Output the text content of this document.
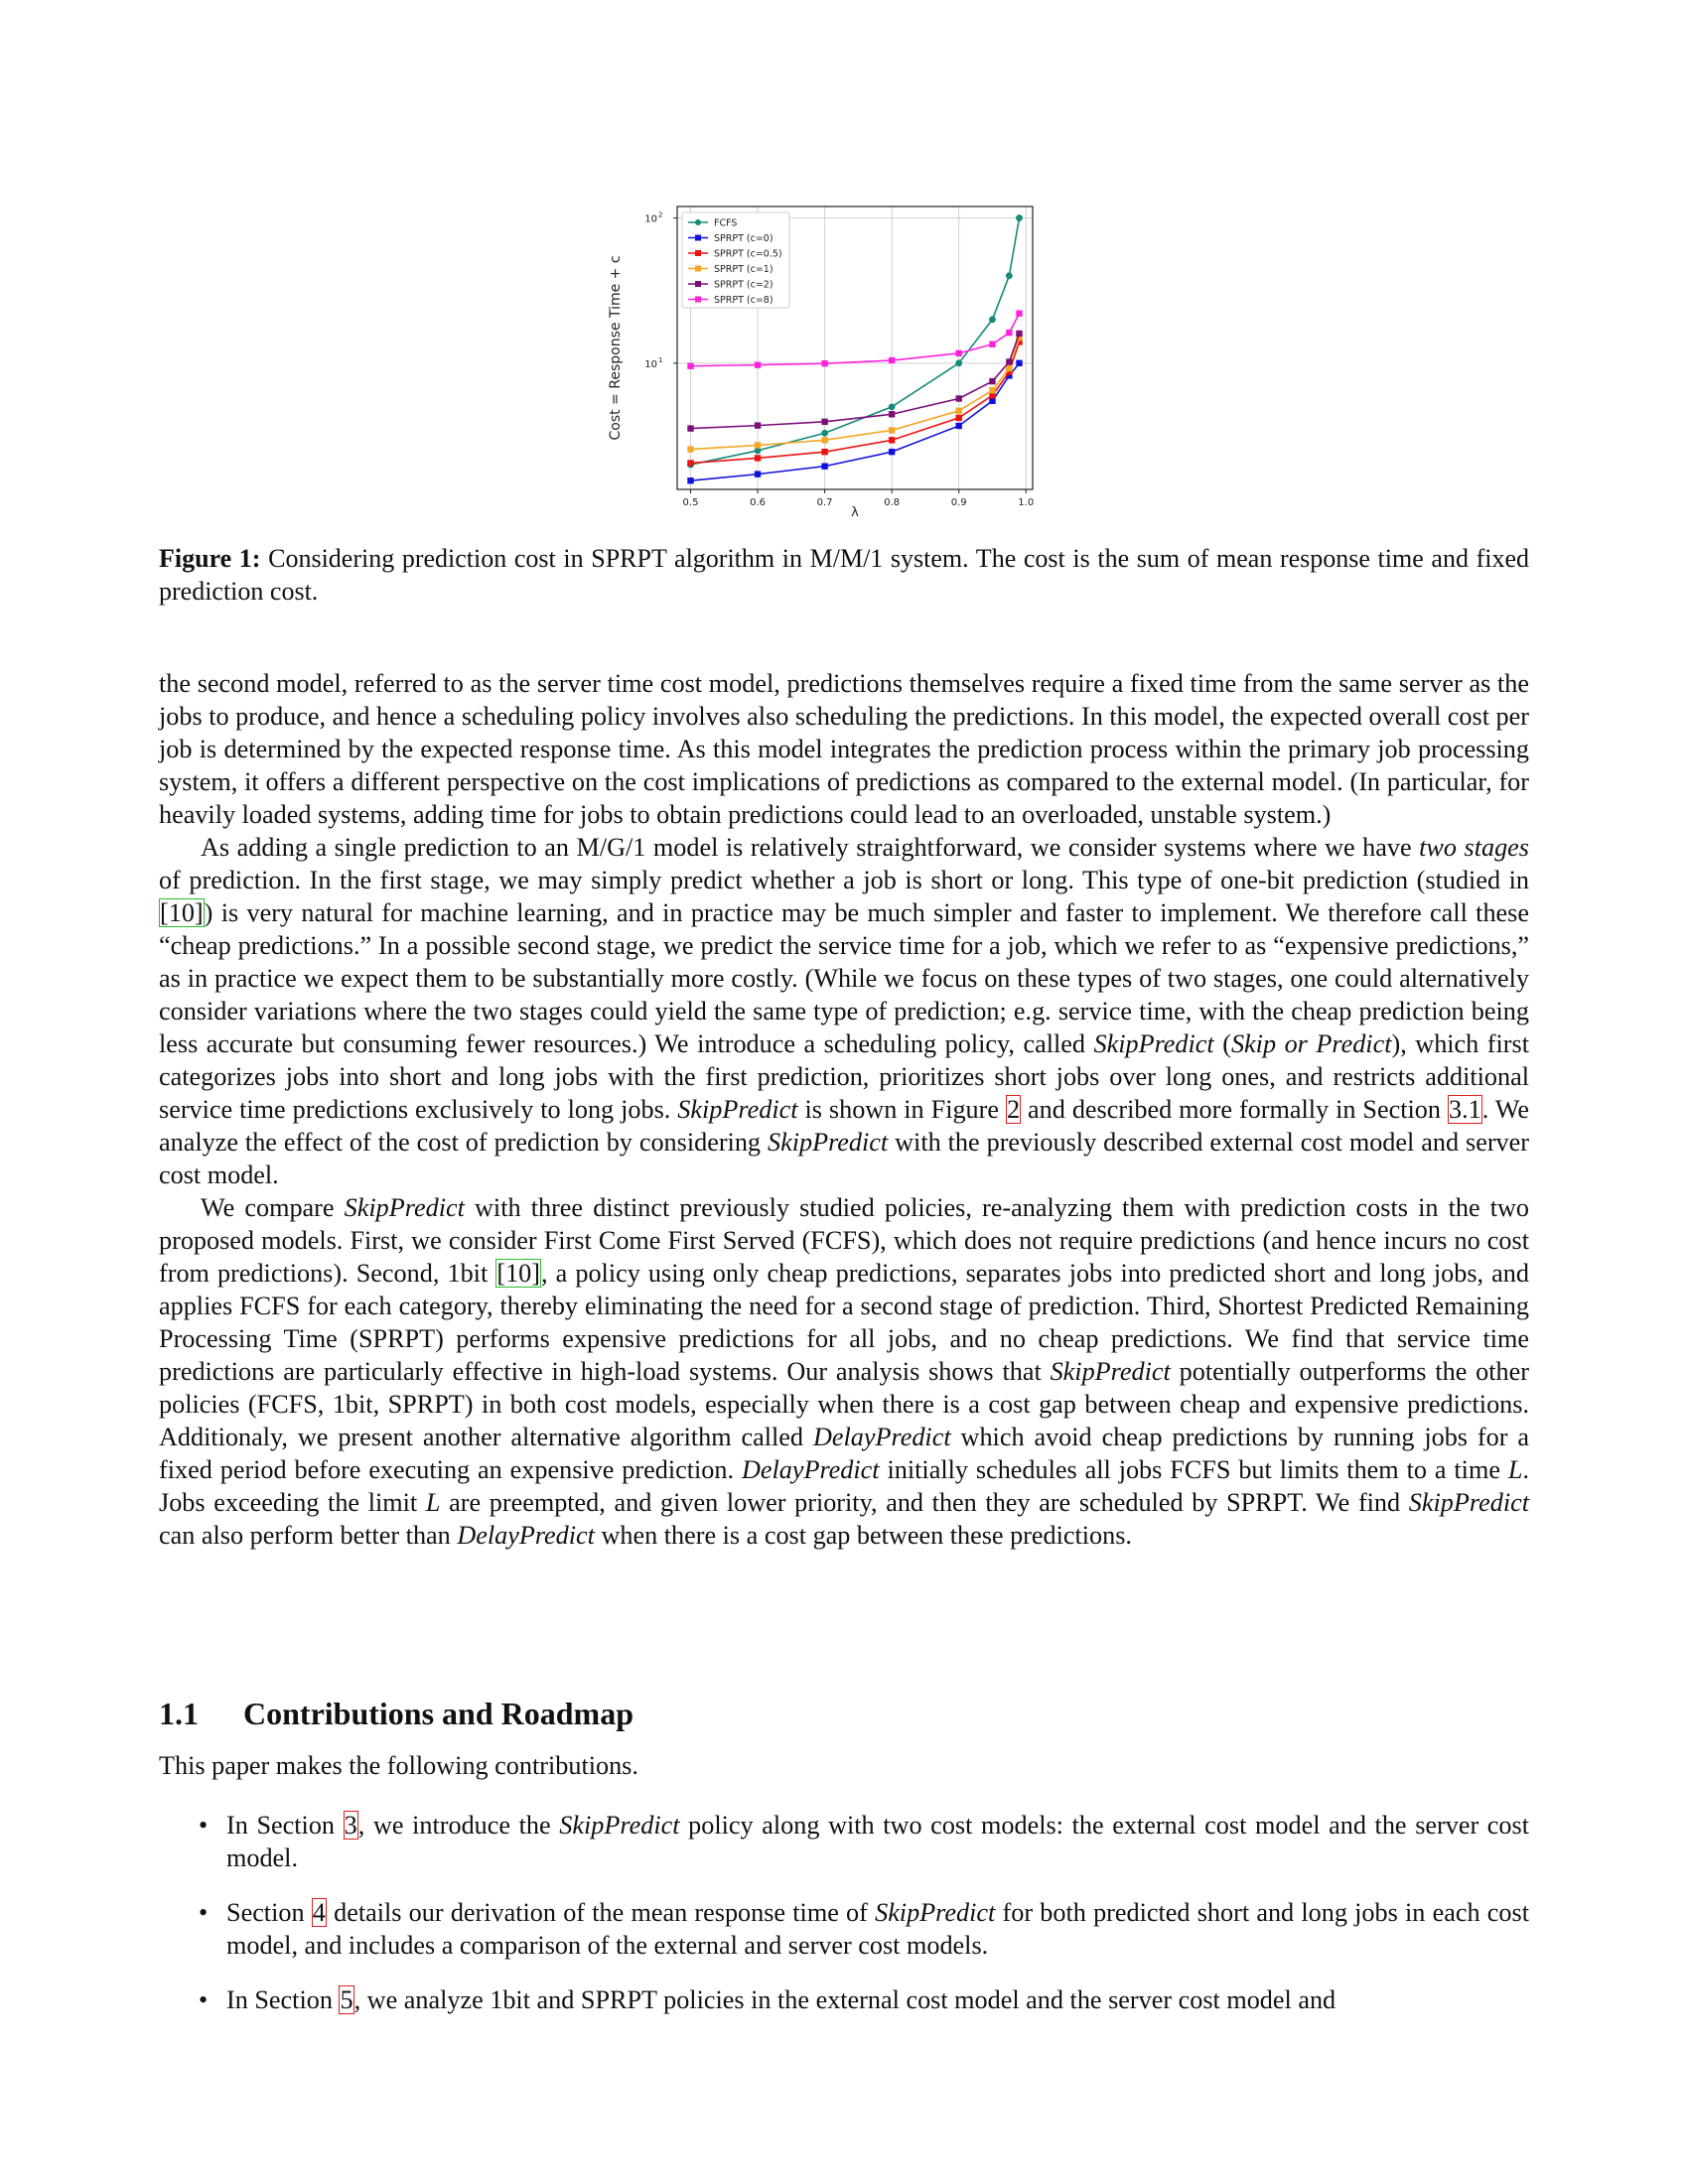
0.5	0.6	0.7	0.8	0.9	1.0
10 1
10 2
λ
Cost = Response Time + c
FCFS
SPRPT (c=0)
SPRPT (c=0.5)
SPRPT (c=1)
SPRPT (c=2)
SPRPT (c=8)
Figure 1: Considering prediction cost in SPRPT algorithm in M/M/1 system. The cost is the sum of mean response time and fixed prediction cost.

the second model, referred to as the server time cost model, predictions themselves require a fixed time from the same server as the jobs to produce, and hence a scheduling policy involves also scheduling the predictions. In this model, the expected overall cost per job is determined by the expected response time. As this model integrates the prediction process within the primary job processing system, it offers a different perspective on the cost implications of predictions as compared to the external model. (In particular, for heavily loaded systems, adding time for jobs to obtain predictions could lead to an overloaded, unstable system.)

As adding a single prediction to an M/G/1 model is relatively straightforward, we consider systems where we have two stages of prediction. In the first stage, we may simply predict whether a job is short or long. This type of one-bit prediction (studied in [10]) is very natural for machine learning, and in practice may be much simpler and faster to implement. We therefore call these “cheap predictions.” In a possible second stage, we predict the service time for a job, which we refer to as “expensive predictions,” as in practice we expect them to be substantially more costly. (While we focus on these types of two stages, one could alternatively consider variations where the two stages could yield the same type of prediction; e.g. service time, with the cheap prediction being less accurate but consuming fewer resources.) We introduce a scheduling policy, called SkipPredict (Skip or Predict), which first categorizes jobs into short and long jobs with the first prediction, prioritizes short jobs over long ones, and restricts additional service time predictions exclusively to long jobs. SkipPredict is shown in Figure 2 and described more formally in Section 3.1. We analyze the effect of the cost of prediction by considering SkipPredict with the previously described external cost model and server cost model.

We compare SkipPredict with three distinct previously studied policies, re-analyzing them with prediction costs in the two proposed models. First, we consider First Come First Served (FCFS), which does not require predictions (and hence incurs no cost from predictions). Second, 1bit [10], a policy using only cheap predictions, separates jobs into predicted short and long jobs, and applies FCFS for each category, thereby eliminating the need for a second stage of prediction. Third, Shortest Predicted Remaining Processing Time (SPRPT) performs expensive predictions for all jobs, and no cheap predictions. We find that service time predictions are particularly effective in high-load systems. Our analysis shows that SkipPredict potentially outperforms the other policies (FCFS, 1bit, SPRPT) in both cost models, especially when there is a cost gap between cheap and expensive predictions. Additionaly, we present another alternative algorithm called DelayPredict which avoid cheap predictions by running jobs for a fixed period before executing an expensive prediction. DelayPredict initially schedules all jobs FCFS but limits them to a time L. Jobs exceeding the limit L are preempted, and given lower priority, and then they are scheduled by SPRPT. We find SkipPredict can also perform better than DelayPredict when there is a cost gap between these predictions.

1.1 Contributions and Roadmap
This paper makes the following contributions.
• In Section 3, we introduce the SkipPredict policy along with two cost models: the external cost model and the server cost model.
• Section 4 details our derivation of the mean response time of SkipPredict for both predicted short and long jobs in each cost model, and includes a comparison of the external and server cost models.
• In Section 5, we analyze 1bit and SPRPT policies in the external cost model and the server cost model and
